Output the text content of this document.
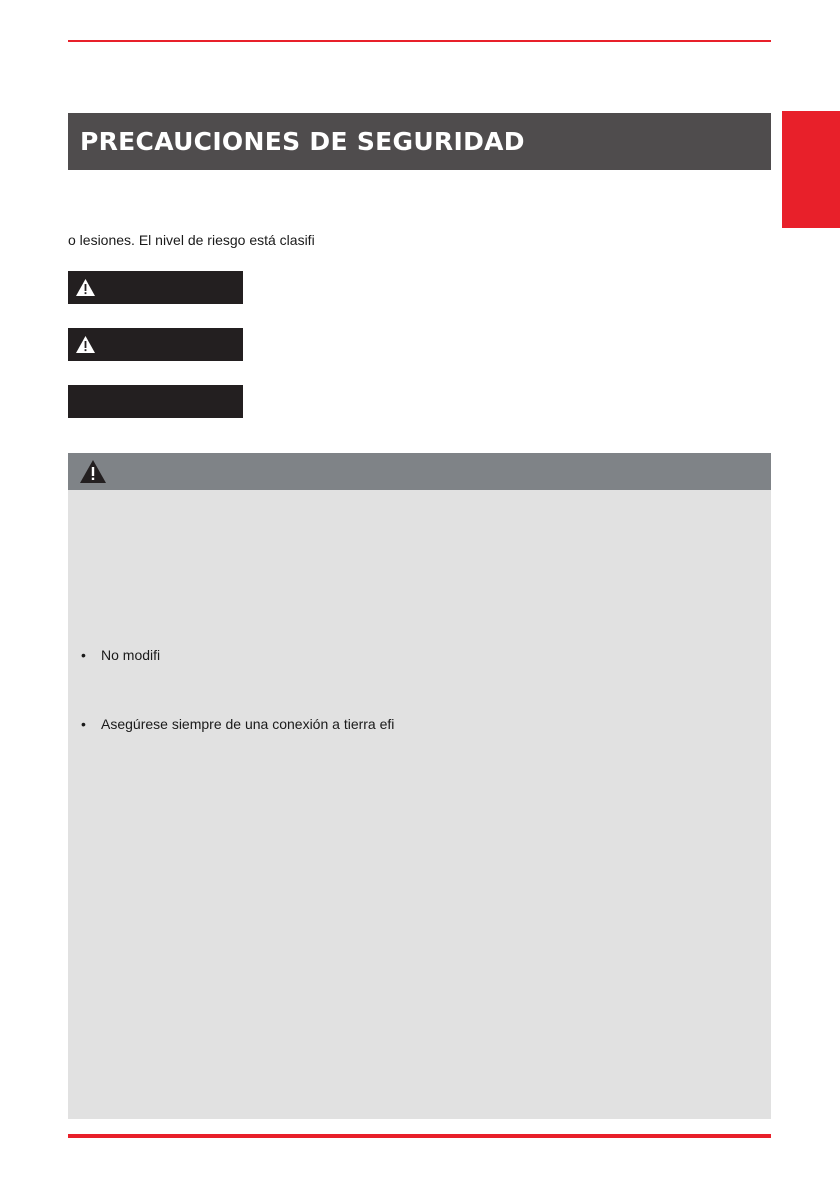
PRECAUCIONES DE SEGURIDAD
o lesiones. El nivel de riesgo está clasifi
• No modifi
• Asegúrese siempre de una conexión a tierra efi
